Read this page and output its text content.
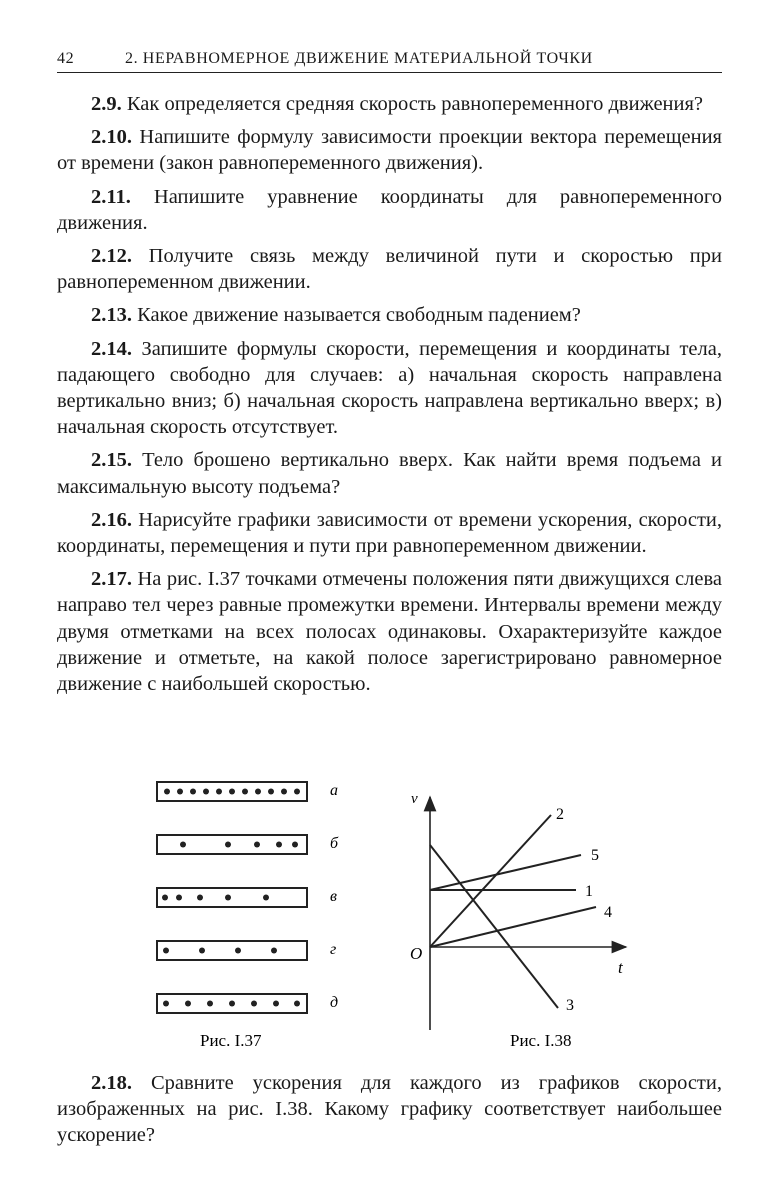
42	2. НЕРАВНОМЕРНОЕ ДВИЖЕНИЕ МАТЕРИАЛЬНОЙ ТОЧКИ

2.9. Как определяется средняя скорость равнопеременного движения?

2.10. Напишите формулу зависимости проекции вектора перемещения от времени (закон равнопеременного движения).

2.11. Напишите уравнение координаты для равнопеременного движения.

2.12. Получите связь между величиной пути и скоростью при равнопеременном движении.

2.13. Какое движение называется свободным падением?

2.14. Запишите формулы скорости, перемещения и координаты тела, падающего свободно для случаев: а) начальная скорость направлена вертикально вниз; б) начальная скорость направлена вертикально вверх; в) начальная скорость отсутствует.

2.15. Тело брошено вертикально вверх. Как найти время подъема и максимальную высоту подъема?

2.16. Нарисуйте графики зависимости от времени ускорения, скорости, координаты, перемещения и пути при равнопеременном движении.

2.17. На рис. I.37 точками отмечены положения пяти движущихся слева направо тел через равные промежутки времени. Интервалы времени между двумя отметками на всех полосах одинаковы. Охарактеризуйте каждое движение и отметьте, на какой полосе зарегистрировано равномерное движение с наибольшей скоростью.

а
б
в
г
д
Рис. I.37
v
t
O
1
2
3
4
5
Рис. I.38

2.18. Сравните ускорения для каждого из графиков скорости, изображенных на рис. I.38. Какому графику соответствует наибольшее ускорение?
